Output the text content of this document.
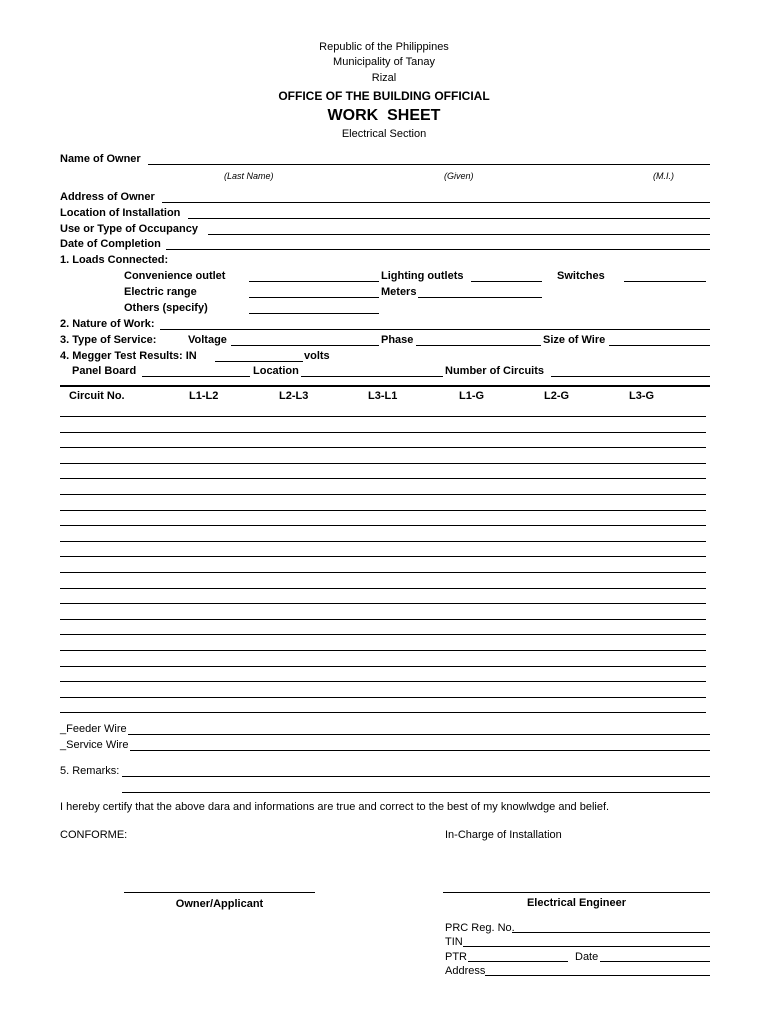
Republic of the Philippines
Municipality of Tanay
Rizal
OFFICE OF THE BUILDING OFFICIAL
WORK  SHEET
Electrical Section
Name of Owner
(Last Name)	(Given)	(M.I.)
Address of Owner
Location of Installation
Use or Type of Occupancy
Date of Completion
1. Loads Connected:
Convenience outlet	Lighting outlets	Switches
Electric range	Meters
Others (specify)
2. Nature of Work:
3. Type of Service:	Voltage	Phase	Size of Wire
4. Megger Test Results: IN	volts
Panel Board	Location	Number of Circuits
Circuit No.	L1-L2	L2-L3	L3-L1	L1-G	L2-G	L3-G
_Feeder Wire
_Service Wire
5. Remarks:
I hereby certify that the above dara and informations are true and correct to the best of my knowlwdge and belief.
CONFORME:	In-Charge of Installation
Owner/Applicant	Electrical Engineer
PRC Reg. No.
TIN
PTR	Date
Address
